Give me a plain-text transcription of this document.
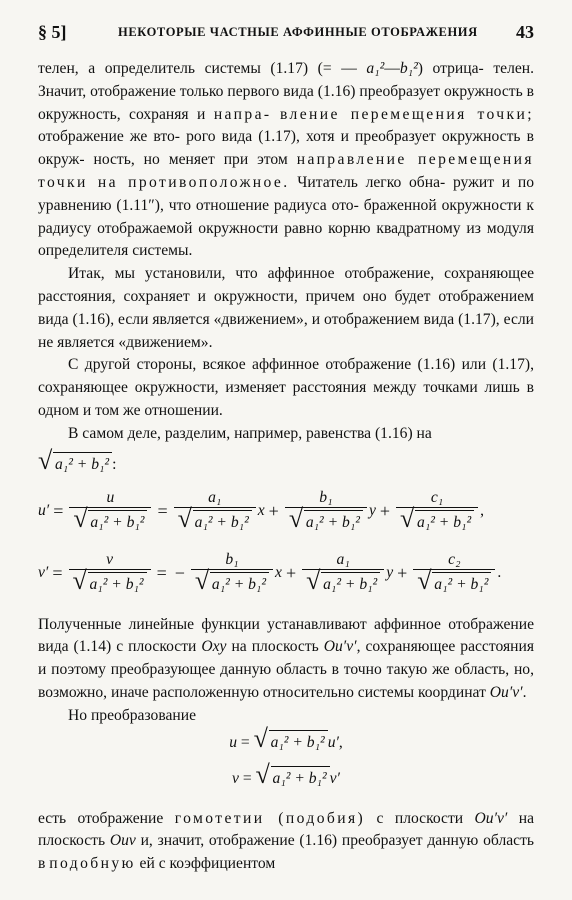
§ 5]	НЕКОТОРЫЕ ЧАСТНЫЕ АФФИННЫЕ ОТОБРАЖЕНИЯ 43

телен, а определитель системы (1.17) (= — a₁²—b₁²) отрица- телен. Значит, отображение только первого вида (1.16) преобразует окружность в окружность, сохраняя и напра- вление перемещения точки; отображение же вто- рого вида (1.17), хотя и преобразует окружность в окруж- ность, но меняет при этом направление перемещения точки на противоположное. Читатель легко обна- ружит и по уравнению (1.11″), что отношение радиуса ото- браженной окружности к радиусу отображаемой окружности равно корню квадратному из модуля определителя системы.

Итак, мы установили, что аффинное отображение, сохраняющее расстояния, сохраняет и окружности, причем оно будет отображением вида (1.16), если является «движением», и отображением вида (1.17), если не является «движением».

С другой стороны, всякое аффинное отображение (1.16) или (1.17), сохраняющее окружности, изменяет расстояния между точками лишь в одном и том же отношении.

В самом деле, разделим, например, равенства (1.16) на

√ a₁² + b₁² :
$u' = \frac{u}{\text{√ a₁² + b₁²}} = \frac{\text{a₁}}{\text{√ a₁² + b₁²}}$ $x + \frac{\text{b₁}}{\text{√ a₁² + b₁²}}$ $y + \frac{\text{c₁}}{\text{√ a₁² + b₁²}}$ ,
$v' = \frac{v}{\text{√ a₁² + b₁²}}$ = − $\frac{\text{b₁}}{\text{√ a₁² + b₁²}}$ $x + \frac{\text{a₁}}{\text{√ a₁² + b₁²}}$ $y + \frac{\text{c₂}}{\text{√ a₁² + b₁²}}$ .

Полученные линейные функции устанавливают аффинное отображение вида (1.14) с плоскости Oxy на плоскость Ou′v′, сохраняющее расстояния и поэтому преобразующее данную область в точно такую же область, но, возможно, иначе расположенную относительно системы координат Ou′v′.

Но преобразование

u = √ a₁² + b₁² u′,
v = √ a₁² + b₁² v′

есть отображение гомотетии (подобия) с плоскости Ou′v′ на плоскость Ouv и, значит, отображение (1.16) преобразует данную область в подобную ей с коэффициентом
